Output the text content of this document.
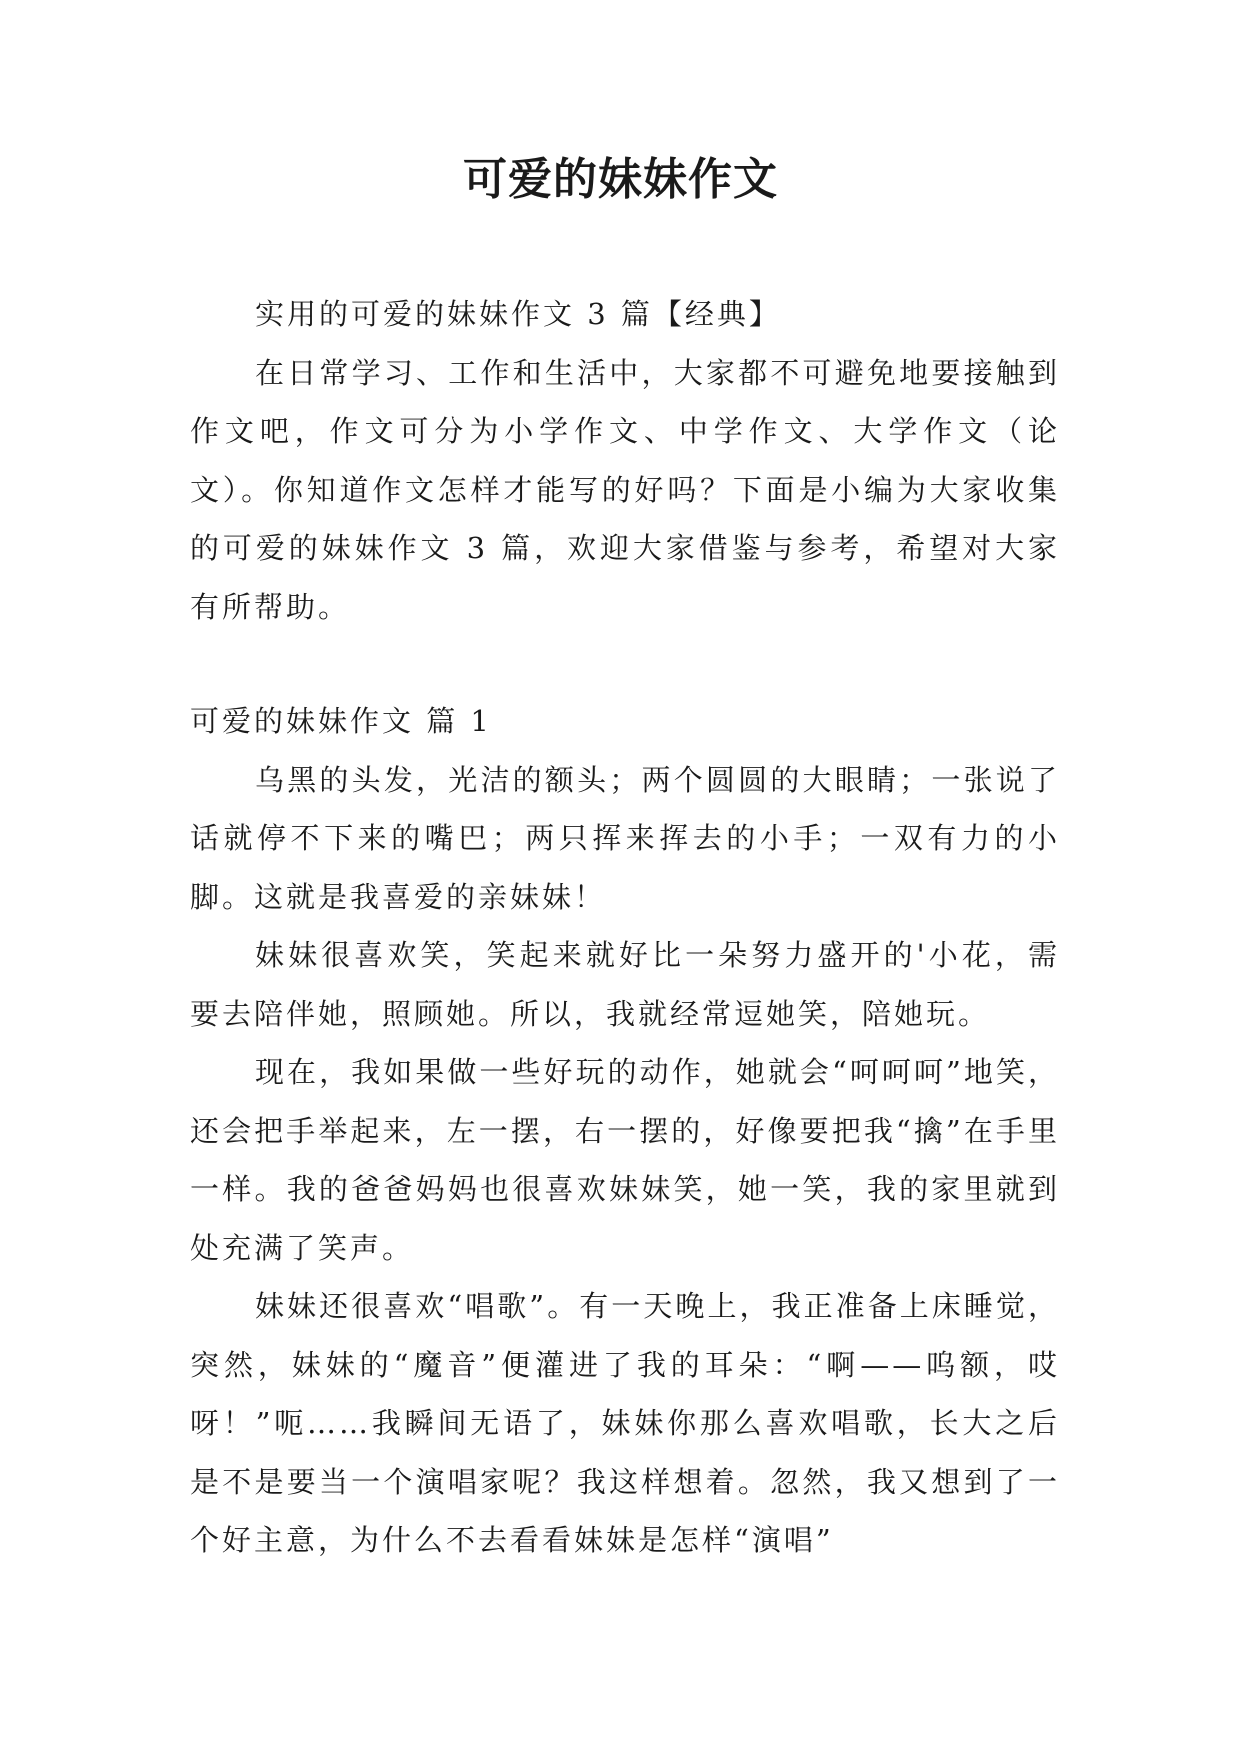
可爱的妹妹作文

实用的可爱的妹妹作文 3 篇【经典】

在日常学习、工作和生活中，大家都不可避免地要接触到作文吧，作文可分为小学作文、中学作文、大学作文（论文）。你知道作文怎样才能写的好吗？下面是小编为大家收集的可爱的妹妹作文 3 篇，欢迎大家借鉴与参考，希望对大家有所帮助。

可爱的妹妹作文 篇 1

乌黑的头发，光洁的额头；两个圆圆的大眼睛；一张说了话就停不下来的嘴巴；两只挥来挥去的小手；一双有力的小脚。这就是我喜爱的亲妹妹！

妹妹很喜欢笑，笑起来就好比一朵努力盛开的'小花，需要去陪伴她，照顾她。所以，我就经常逗她笑，陪她玩。

现在，我如果做一些好玩的动作，她就会“呵呵呵”地笑，还会把手举起来，左一摆，右一摆的，好像要把我“擒”在手里一样。我的爸爸妈妈也很喜欢妹妹笑，她一笑，我的家里就到处充满了笑声。

妹妹还很喜欢“唱歌”。有一天晚上，我正准备上床睡觉，突然，妹妹的“魔音”便灌进了我的耳朵：“啊——呜额，哎呀！”呃……我瞬间无语了，妹妹你那么喜欢唱歌，长大之后是不是要当一个演唱家呢？我这样想着。忽然，我又想到了一个好主意，为什么不去看看妹妹是怎样“演唱”
